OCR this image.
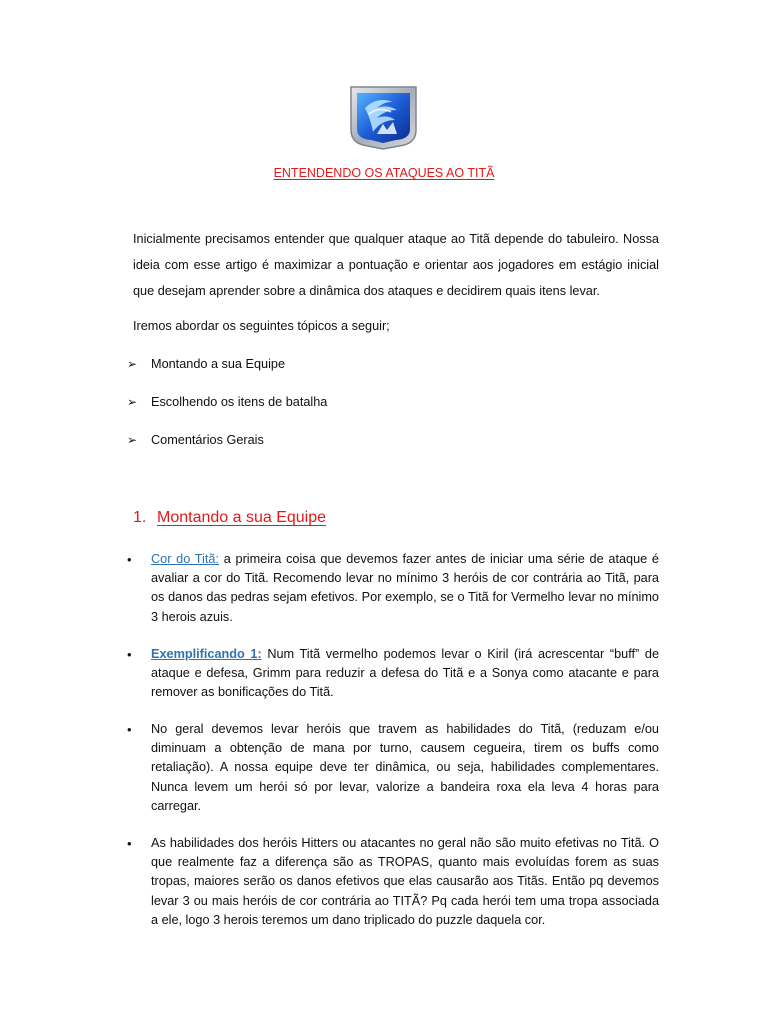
ENTENDENDO OS ATAQUES AO TITÃ
Inicialmente precisamos entender que qualquer ataque ao Titã depende do tabuleiro. Nossa ideia com esse artigo é maximizar a pontuação e orientar aos jogadores em estágio inicial que desejam aprender sobre a dinâmica dos ataques e decidirem quais itens levar.
Iremos abordar os seguintes tópicos a seguir;
➢	Montando a sua Equipe
➢	Escolhendo os itens de batalha
➢	Comentários Gerais
1. Montando a sua Equipe
•	Cor do Titã: a primeira coisa que devemos fazer antes de iniciar uma série de ataque é avaliar a cor do Titã. Recomendo levar no mínimo 3 heróis de cor contrária ao Titã, para os danos das pedras sejam efetivos. Por exemplo, se o Titã for Vermelho levar no mínimo 3 herois azuis.
•	Exemplificando 1: Num Titã vermelho podemos levar o Kiril (irá acrescentar “buff” de ataque e defesa, Grimm para reduzir a defesa do Titã e a Sonya como atacante e para remover as bonificações do Titã.
•	No geral devemos levar heróis que travem as habilidades do Titã, (reduzam e/ou diminuam a obtenção de mana por turno, causem cegueira, tirem os buffs como retaliação). A nossa equipe deve ter dinâmica, ou seja, habilidades complementares. Nunca levem um herói só por levar, valorize a bandeira roxa ela leva 4 horas para carregar.
•	As habilidades dos heróis Hitters ou atacantes no geral não são muito efetivas no Titã. O que realmente faz a diferença são as TROPAS, quanto mais evoluídas forem as suas tropas, maiores serão os danos efetivos que elas causarão aos Titãs. Então pq devemos levar 3 ou mais heróis de cor contrária ao TITÃ? Pq cada herói tem uma tropa associada a ele, logo 3 herois teremos um dano triplicado do puzzle daquela cor.
